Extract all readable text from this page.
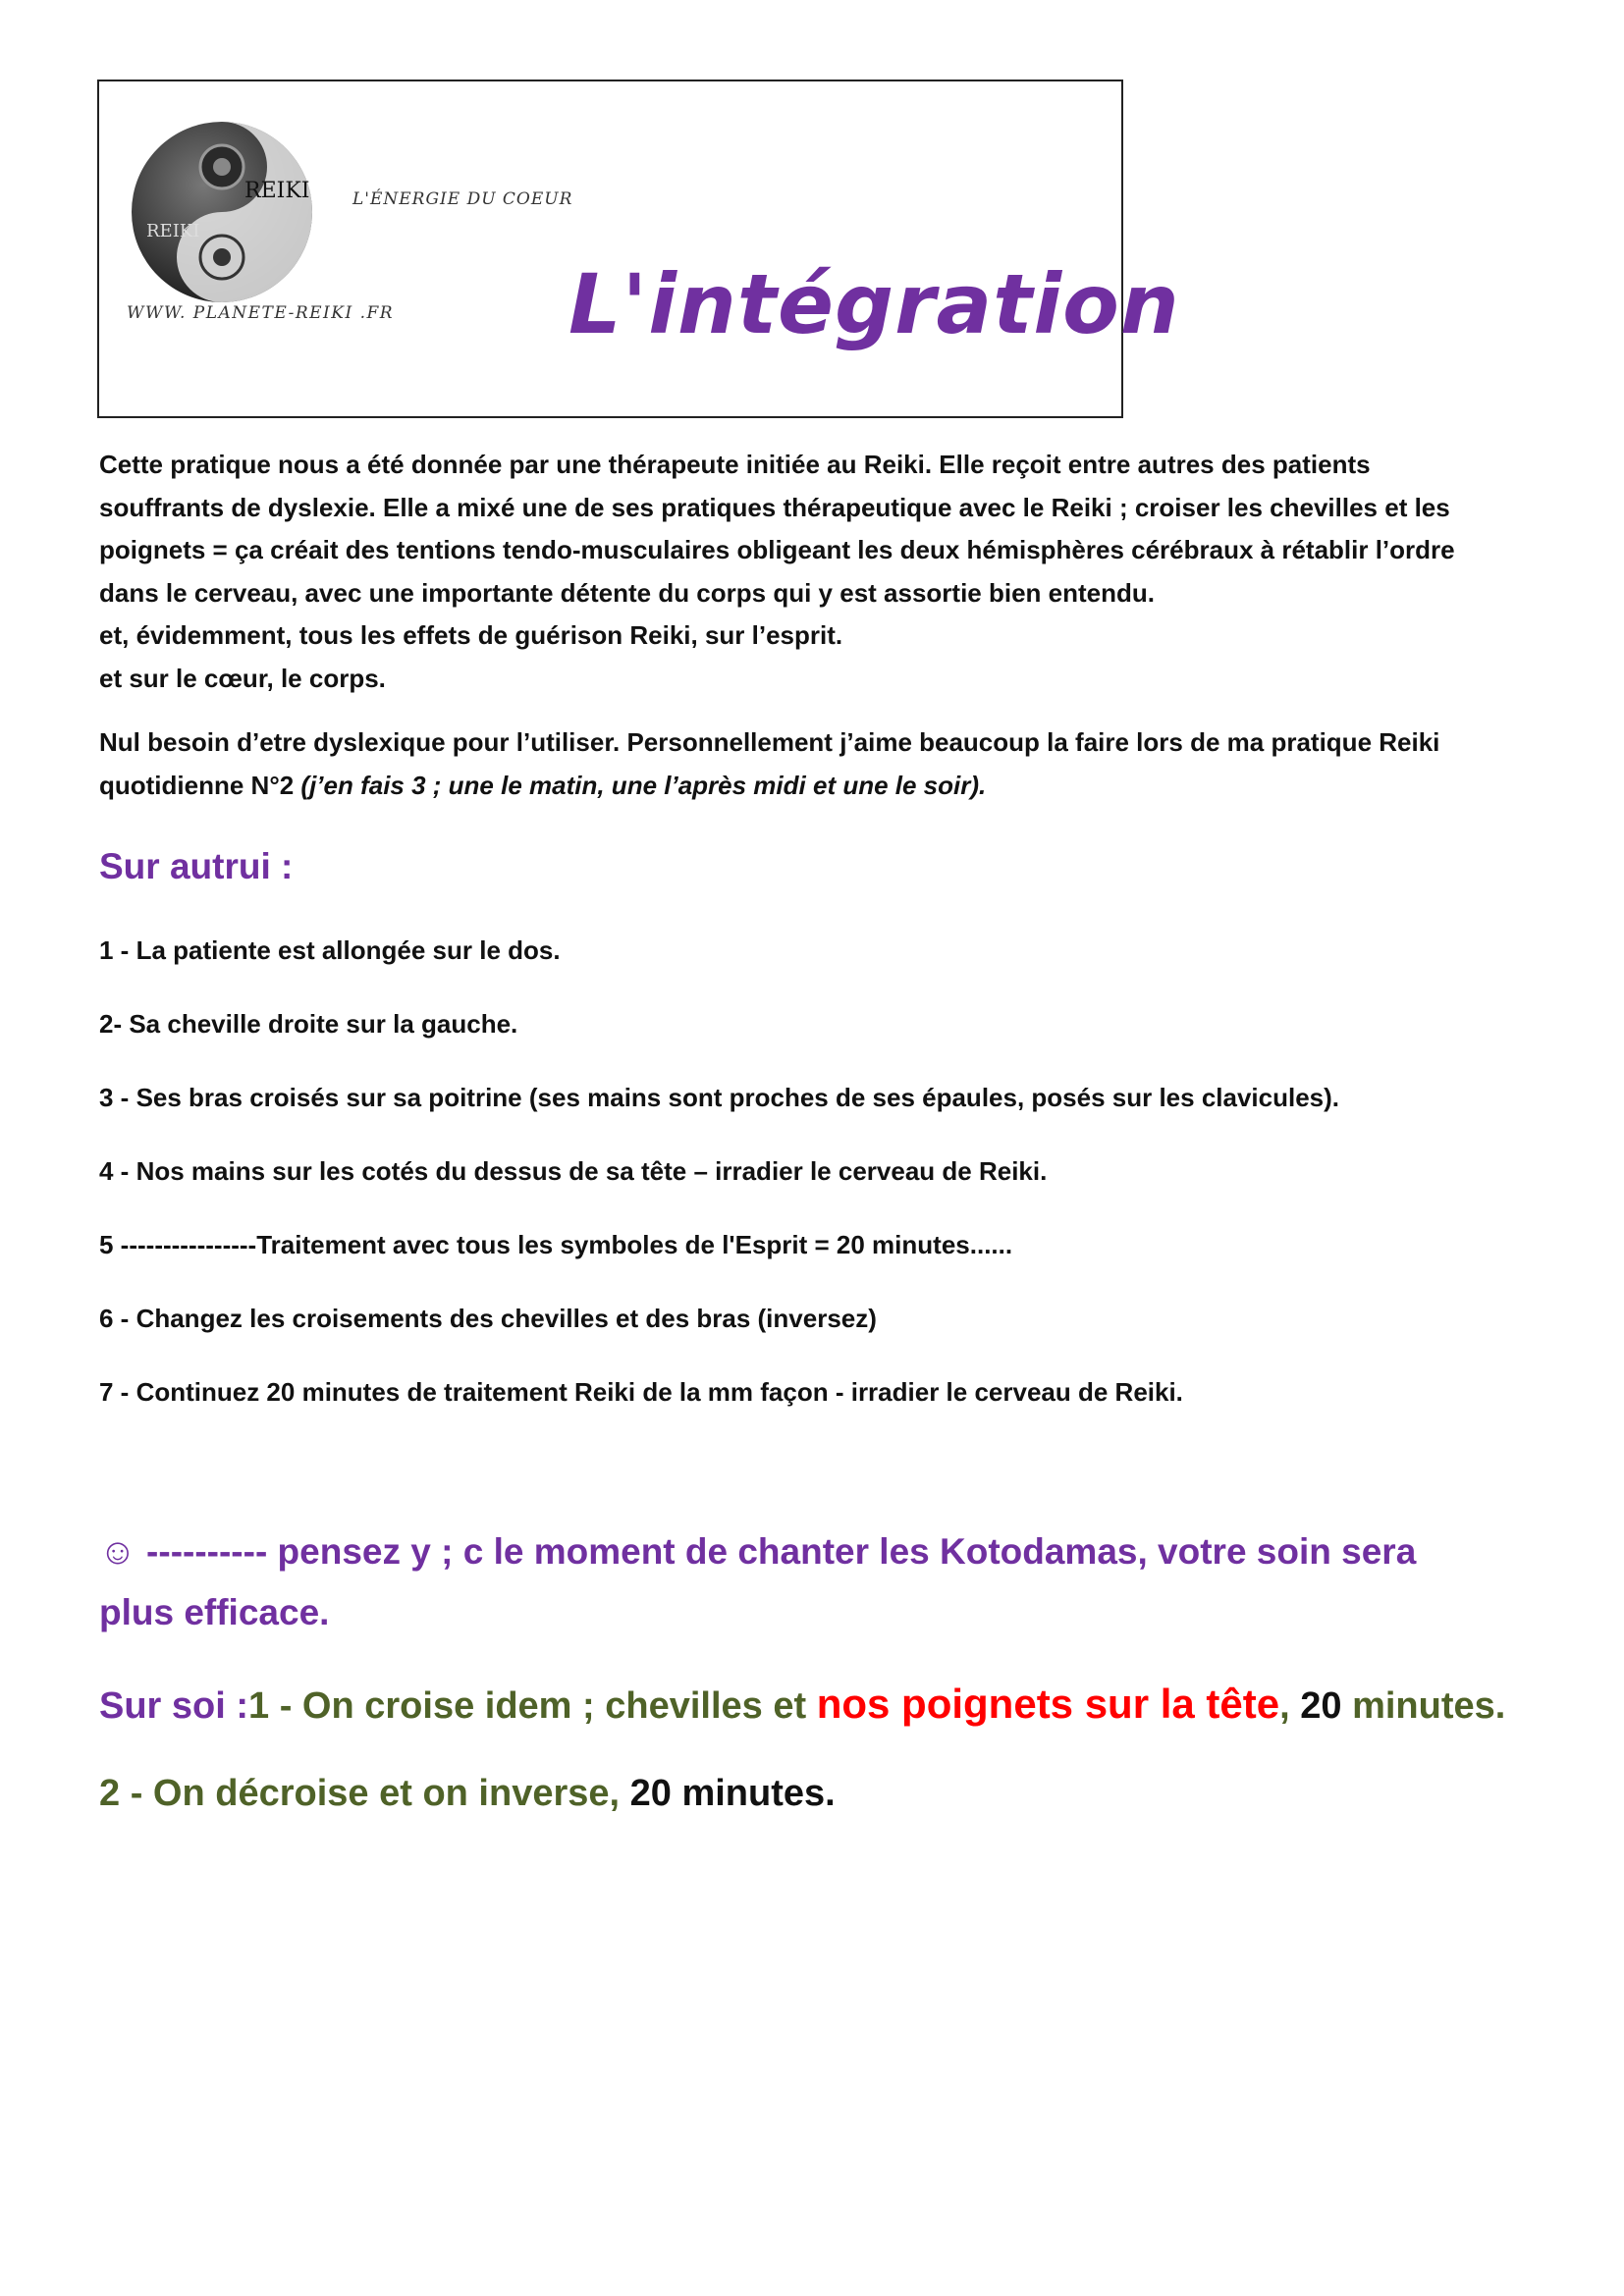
REIKI
REIKI
L'ÉNERGIE DU COEUR
WWW. PLANETE-REIKI .FR L'intégration

Cette pratique nous a été donnée par une thérapeute initiée au Reiki. Elle reçoit entre autres des patients
souffrants de dyslexie. Elle a mixé une de ses pratiques thérapeutique avec le Reiki ; croiser les chevilles et les
poignets = ça créait des tentions tendo-musculaires obligeant les deux hémisphères cérébraux à rétablir l’ordre
dans le cerveau, avec une importante détente du corps qui y est assortie bien entendu.
et, évidemment, tous les effets de guérison Reiki, sur l’esprit.
et sur le cœur, le corps.

Nul besoin d’etre dyslexique pour l’utiliser. Personnellement j’aime beaucoup la faire lors de ma pratique Reiki
quotidienne N°2 (j’en fais 3 ; une le matin, une l’après midi et une le soir).

Sur autrui :

1 - La patiente est allongée sur le dos.

2- Sa cheville droite sur la gauche.

3 - Ses bras croisés sur sa poitrine (ses mains sont proches de ses épaules, posés sur les clavicules).

4 - Nos mains sur les cotés du dessus de sa tête – irradier le cerveau de Reiki.

5 ----------------Traitement avec tous les symboles de l'Esprit = 20 minutes......

6 - Changez les croisements des chevilles et des bras (inversez)

7 - Continuez 20 minutes de traitement Reiki de la mm façon - irradier le cerveau de Reiki.

☺ ---------- pensez y ; c le moment de chanter les Kotodamas, votre soin sera
plus efficace.

Sur soi :1 - On croise idem ; chevilles et nos poignets sur la tête, 20 minutes.

2 - On décroise et on inverse, 20 minutes.
